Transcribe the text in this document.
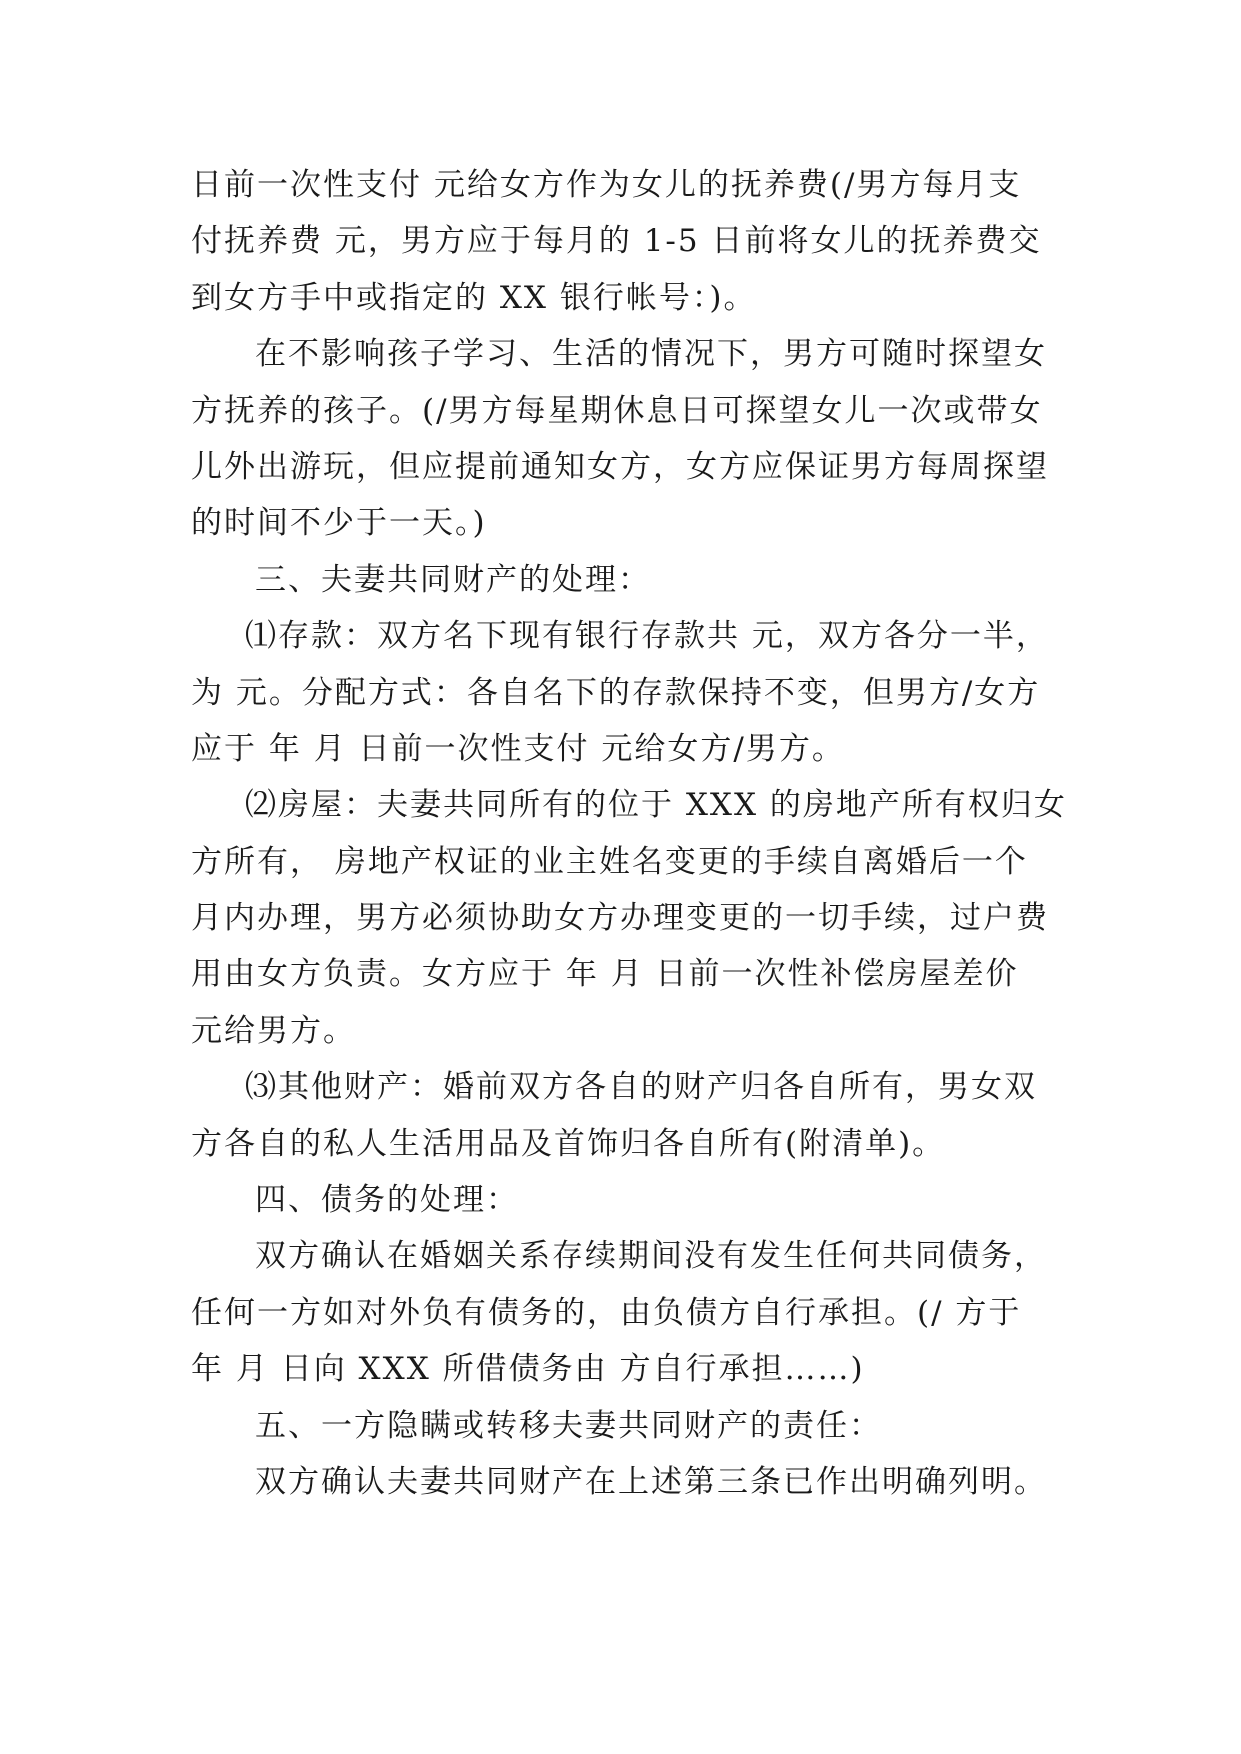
日前一次性支付 元给女方作为女儿的抚养费(/男方每月支
付抚养费 元，男方应于每月的 1-5 日前将女儿的抚养费交
到女方手中或指定的 XX 银行帐号：)。
在不影响孩子学习、生活的情况下，男方可随时探望女
方抚养的孩子。(/男方每星期休息日可探望女儿一次或带女
儿外出游玩，但应提前通知女方，女方应保证男方每周探望
的时间不少于一天。)
三、夫妻共同财产的处理：
⑴存款：双方名下现有银行存款共 元，双方各分一半，
为 元。分配方式：各自名下的存款保持不变，但男方/女方
应于 年 月 日前一次性支付 元给女方/男方。
⑵房屋：夫妻共同所有的位于 XXX 的房地产所有权归女
方所有， 房地产权证的业主姓名变更的手续自离婚后一个
月内办理，男方必须协助女方办理变更的一切手续，过户费
用由女方负责。女方应于 年 月 日前一次性补偿房屋差价
元给男方。
⑶其他财产：婚前双方各自的财产归各自所有，男女双
方各自的私人生活用品及首饰归各自所有(附清单)。
四、债务的处理：
双方确认在婚姻关系存续期间没有发生任何共同债务，
任何一方如对外负有债务的，由负债方自行承担。(/ 方于
年 月 日向 XXX 所借债务由 方自行承担……)
五、一方隐瞒或转移夫妻共同财产的责任：
双方确认夫妻共同财产在上述第三条已作出明确列明。
